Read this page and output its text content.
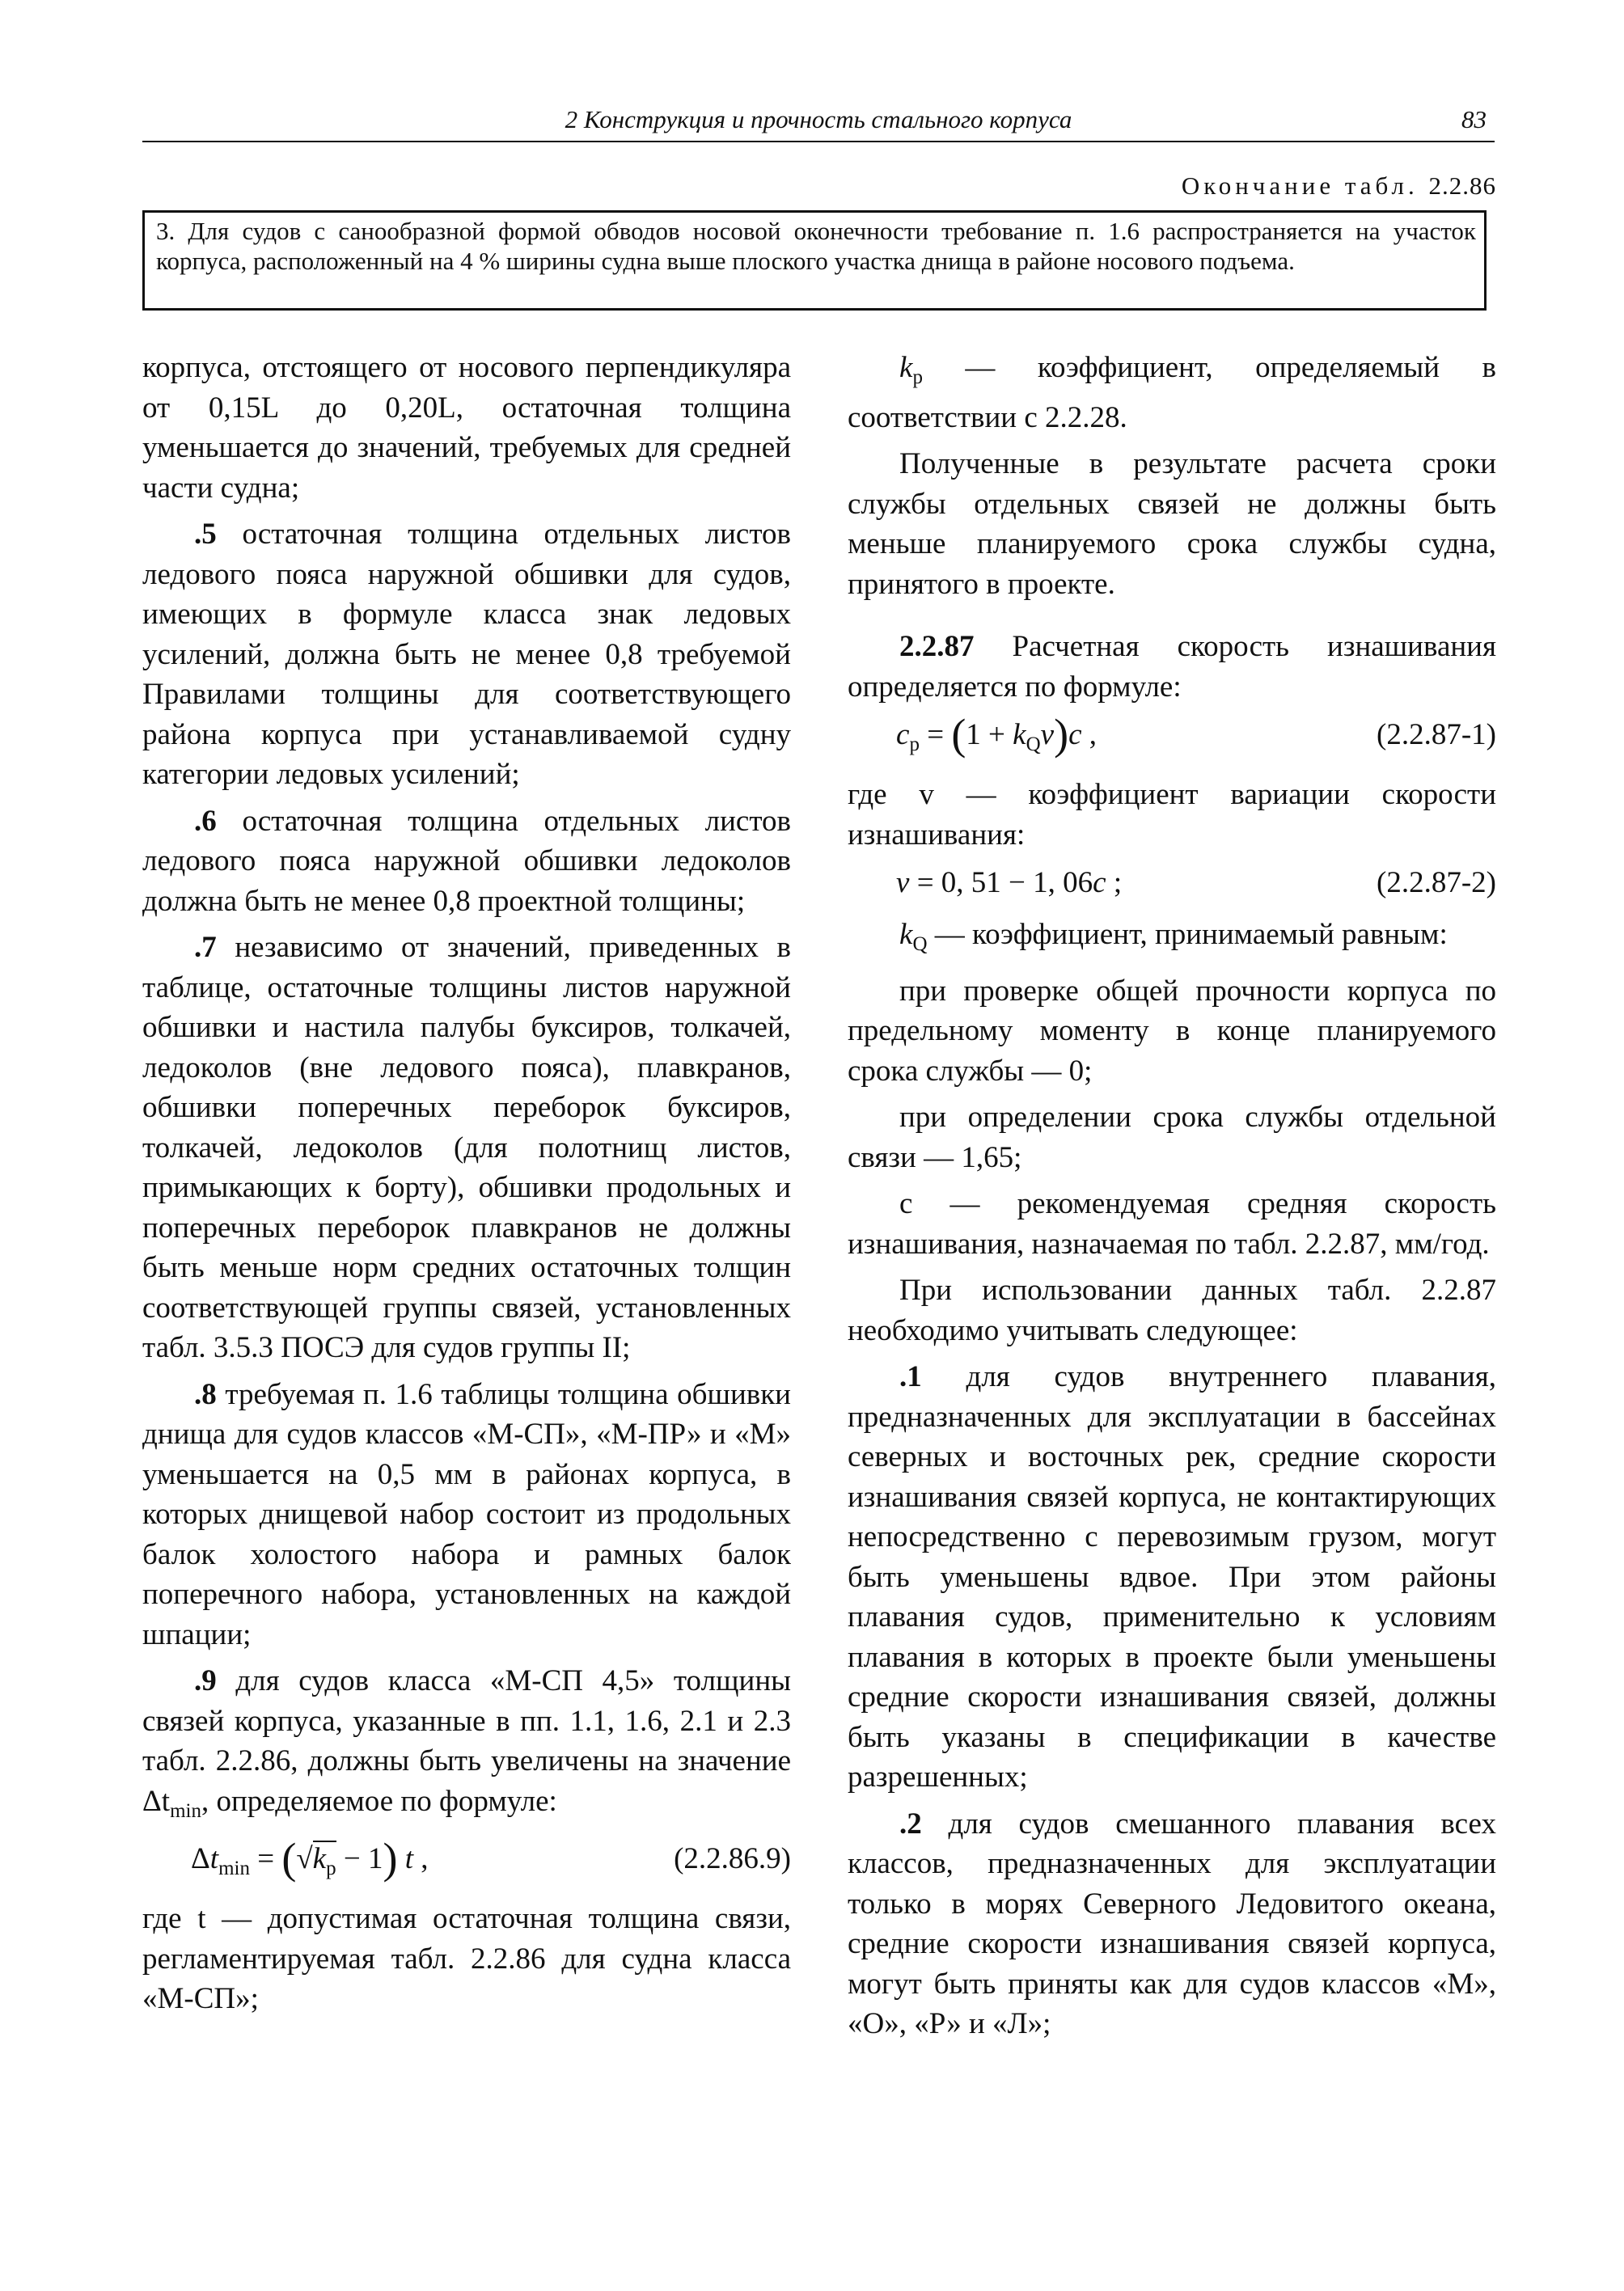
2 Конструкция и прочность стального корпуса	83
Окончание табл. 2.2.86
3. Для судов с санообразной формой обводов носовой оконечности требование п. 1.6 распространяется на участок корпуса, расположенный на 4 % ширины судна выше плоского участка днища в районе носового подъема.

корпуса, отстоящего от носового перпендикуляра от 0,15L до 0,20L, остаточная толщина уменьшается до значений, требуемых для средней части судна;

.5 остаточная толщина отдельных листов ледового пояса наружной обшивки для судов, имеющих в формуле класса знак ледовых усилений, должна быть не менее 0,8 требуемой Правилами толщины для соответствующего района корпуса при устанавливаемой судну категории ледовых усилений;

.6 остаточная толщина отдельных листов ледового пояса наружной обшивки ледоколов должна быть не менее 0,8 проектной толщины;

.7 независимо от значений, приведенных в таблице, остаточные толщины листов наружной обшивки и настила палубы буксиров, толкачей, ледоколов (вне ледового пояса), плавкранов, обшивки поперечных переборок буксиров, толкачей, ледоколов (для полотнищ листов, примыкающих к борту), обшивки продольных и поперечных переборок плавкранов не должны быть меньше норм средних остаточных толщин соответствующей группы связей, установленных табл. 3.5.3 ПОСЭ для судов группы II;

.8 требуемая п. 1.6 таблицы толщина обшивки днища для судов классов «М-СП», «М-ПР» и «М» уменьшается на 0,5 мм в районах корпуса, в которых днищевой набор состоит из продольных балок холостого набора и рамных балок поперечного набора, установленных на каждой шпации;

.9 для судов класса «М-СП 4,5» толщины связей корпуса, указанные в пп. 1.1, 1.6, 2.1 и 2.3 табл. 2.2.86, должны быть увеличены на значение $\Delta t_{min}$, определяемое по формуле:

$\Delta t_{min} = (√k_p - 1)$ t ,	(2.2.86.9)

где t — допустимая остаточная толщина связи, регламентируемая табл. 2.2.86 для судна класса «М-СП»;

$k_p$ — коэффициент, определяемый в соответствии с 2.2.28.

Полученные в результате расчета сроки службы отдельных связей не должны быть меньше планируемого срока службы судна, принятого в проекте.

2.2.87 Расчетная скорость изнашивания определяется по формуле:

$c_p = (1 + k_Qv)c$ ,	(2.2.87-1)

где v — коэффициент вариации скорости изнашивания:

v = 0, 51 − 1, 06c ;	(2.2.87-2)

$k_Q$ — коэффициент, принимаемый равным:

при проверке общей прочности корпуса по предельному моменту в конце планируемого срока службы — 0;

при определении срока службы отдельной связи — 1,65;

c — рекомендуемая средняя скорость изнашивания, назначаемая по табл. 2.2.87, мм/год.

При использовании данных табл. 2.2.87 необходимо учитывать следующее:

.1 для судов внутреннего плавания, предназначенных для эксплуатации в бассейнах северных и восточных рек, средние скорости изнашивания связей корпуса, не контактирующих непосредственно с перевозимым грузом, могут быть уменьшены вдвое. При этом районы плавания судов, применительно к условиям плавания в которых в проекте были уменьшены средние скорости изнашивания связей, должны быть указаны в спецификации в качестве разрешенных;

.2 для судов смешанного плавания всех классов, предназначенных для эксплуатации только в морях Северного Ледовитого океана, средние скорости изнашивания связей корпуса, могут быть приняты как для судов классов «М», «О», «Р» и «Л»;
